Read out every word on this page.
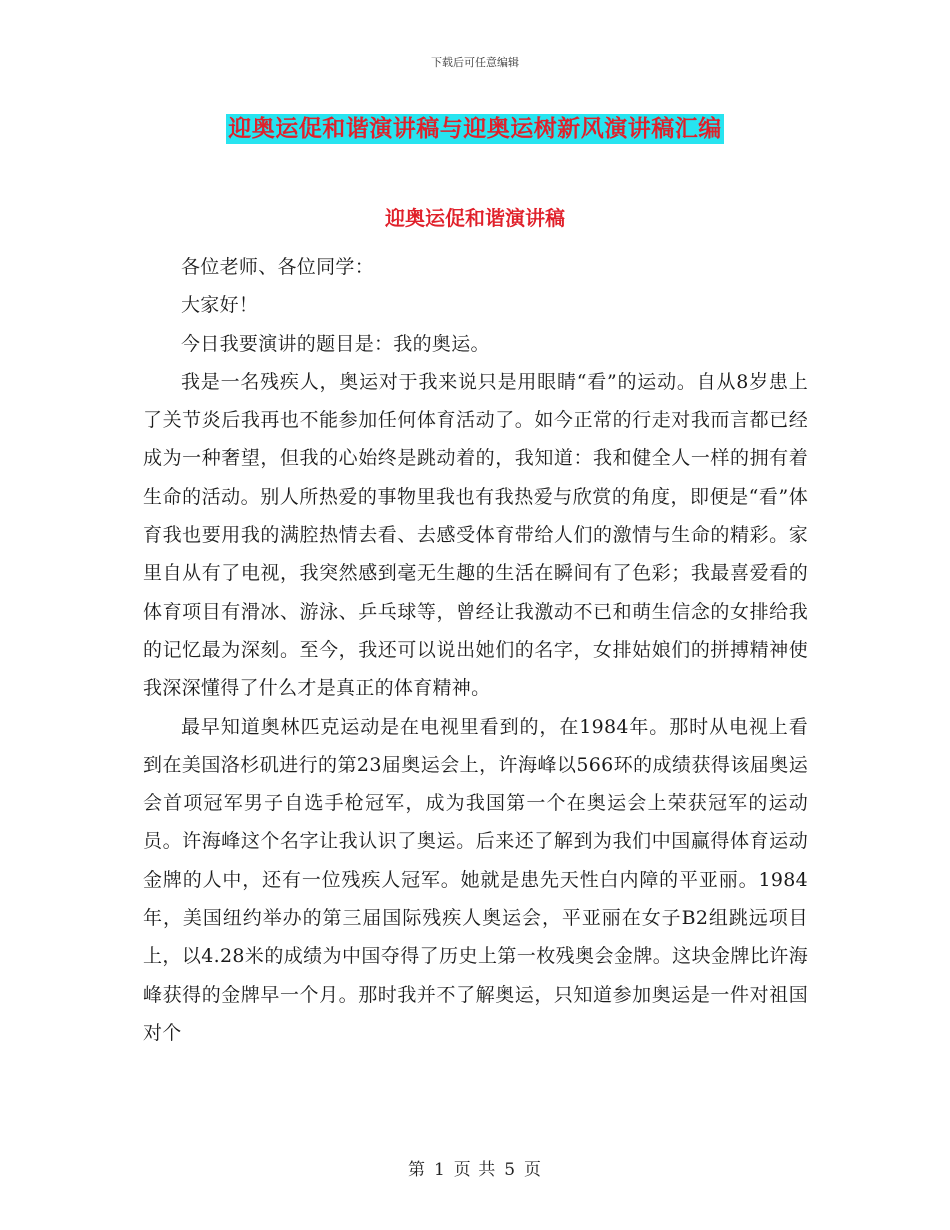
下载后可任意编辑
迎奥运促和谐演讲稿与迎奥运树新风演讲稿汇编
迎奥运促和谐演讲稿

各位老师、各位同学：

大家好！

今日我要演讲的题目是：我的奥运。

我是一名残疾人，奥运对于我来说只是用眼睛“看”的运动。自从8岁患上了关节炎后我再也不能参加任何体育活动了。如今正常的行走对我而言都已经成为一种奢望，但我的心始终是跳动着的，我知道：我和健全人一样的拥有着生命的活动。别人所热爱的事物里我也有我热爱与欣赏的角度，即便是“看”体育我也要用我的满腔热情去看、去感受体育带给人们的激情与生命的精彩。家里自从有了电视，我突然感到毫无生趣的生活在瞬间有了色彩；我最喜爱看的体育项目有滑冰、游泳、乒乓球等，曾经让我激动不已和萌生信念的女排给我的记忆最为深刻。至今，我还可以说出她们的名字，女排姑娘们的拼搏精神使我深深懂得了什么才是真正的体育精神。

最早知道奥林匹克运动是在电视里看到的，在1984年。那时从电视上看到在美国洛杉矶进行的第23届奥运会上，许海峰以566环的成绩获得该届奥运会首项冠军男子自选手枪冠军，成为我国第一个在奥运会上荣获冠军的运动员。许海峰这个名字让我认识了奥运。后来还了解到为我们中国赢得体育运动金牌的人中，还有一位残疾人冠军。她就是患先天性白内障的平亚丽。1984年，美国纽约举办的第三届国际残疾人奥运会，平亚丽在女子B2组跳远项目上，以4.28米的成绩为中国夺得了历史上第一枚残奥会金牌。这块金牌比许海峰获得的金牌早一个月。那时我并不了解奥运，只知道参加奥运是一件对祖国对个

第 1 页 共 5 页
